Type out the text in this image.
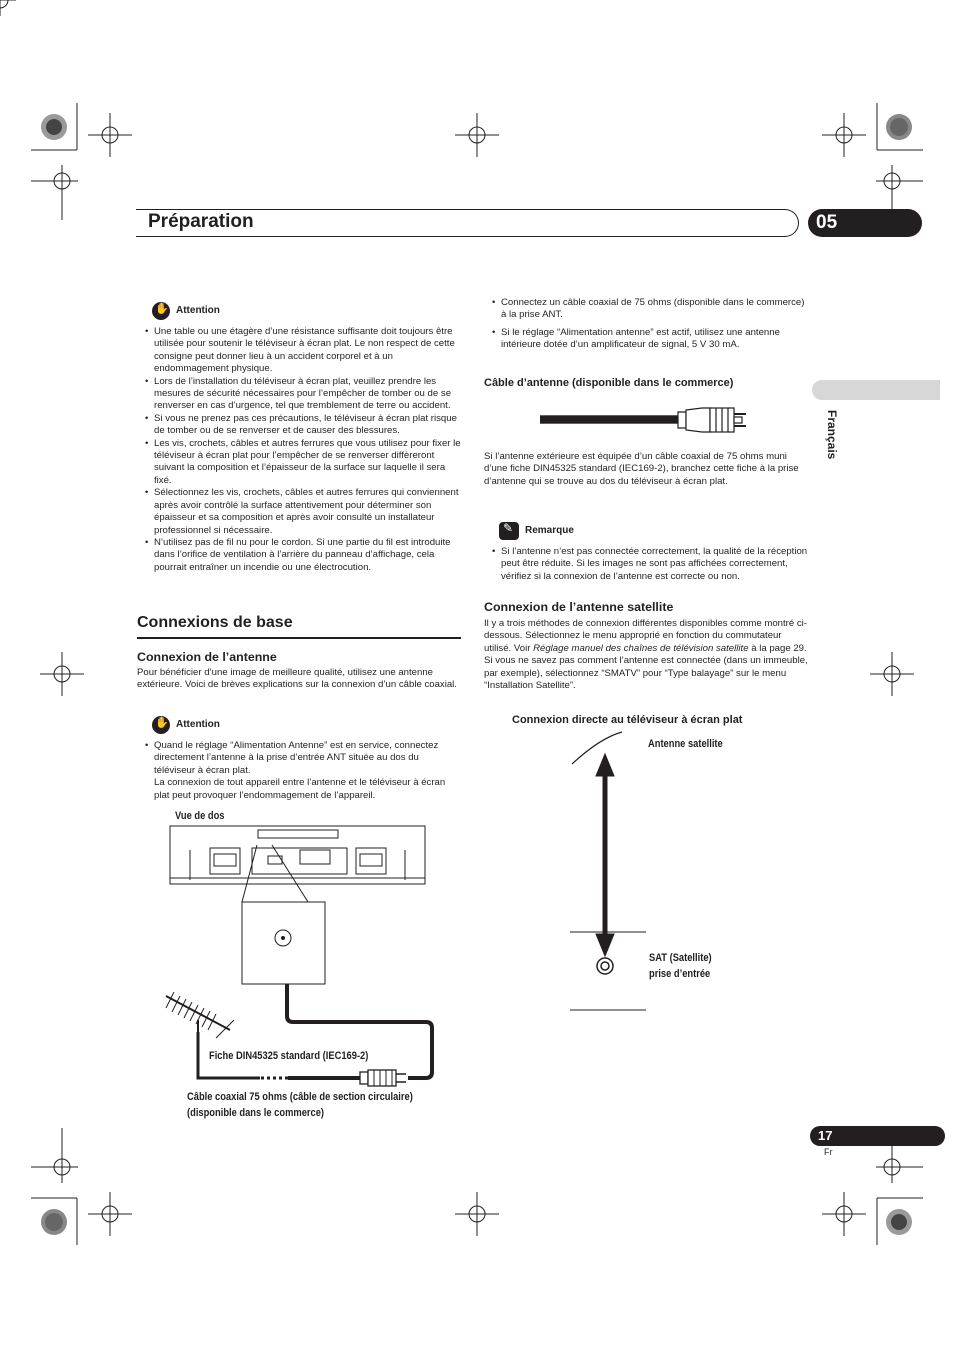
Préparation	05
Français
✋
Attention
• Une table ou une étagère d’une résistance suffisante doit toujours être utilisée pour soutenir le téléviseur à écran plat. Le non respect de cette consigne peut donner lieu à un accident corporel et à un endommagement physique.
• Lors de l’installation du téléviseur à écran plat, veuillez prendre les mesures de sécurité nécessaires pour l’empêcher de tomber ou de se renverser en cas d’urgence, tel que tremblement de terre ou accident.
• Si vous ne prenez pas ces précautions, le téléviseur à écran plat risque de tomber ou de se renverser et de causer des blessures.
• Les vis, crochets, câbles et autres ferrures que vous utilisez pour fixer le téléviseur à écran plat pour l’empêcher de se renverser diffèreront suivant la composition et l’épaisseur de la surface sur laquelle il sera fixé.
• Sélectionnez les vis, crochets, câbles et autres ferrures qui conviennent après avoir contrôlé la surface attentivement pour déterminer son épaisseur et sa composition et après avoir consulté un installateur professionnel si nécessaire.
• N’utilisez pas de fil nu pour le cordon. Si une partie du fil est introduite dans l’orifice de ventilation à l’arrière du panneau d’affichage, cela pourrait entraîner un incendie ou une électrocution.
Connexions de base
Connexion de l’antenne

Pour bénéficier d’une image de meilleure qualité, utilisez une antenne extérieure. Voici de brèves explications sur la connexion d’un câble coaxial.

✋
Attention
• Quand le réglage “Alimentation Antenne” est en service, connectez directement l’antenne à la prise d’entrée ANT située au dos du téléviseur à écran plat.
La connexion de tout appareil entre l’antenne et le téléviseur à écran plat peut provoquer l’endommagement de l’appareil.
Vue de dos
Fiche DIN45325 standard (IEC169-2)
Câble coaxial 75 ohms (câble de section circulaire)
(disponible dans le commerce)
• Connectez un câble coaxial de 75 ohms (disponible dans le commerce) à la prise ANT.
• Si le réglage “Alimentation antenne” est actif, utilisez une antenne intérieure dotée d’un amplificateur de signal, 5 V 30 mA.
Câble d’antenne (disponible dans le commerce)
Si l’antenne extérieure est équipée d’un câble coaxial de 75 ohms muni d’une fiche DIN45325 standard (IEC169-2), branchez cette fiche à la prise d’antenne qui se trouve au dos du téléviseur à écran plat.
✎
Remarque
• Si l’antenne n’est pas connectée correctement, la qualité de la réception peut être réduite. Si les images ne sont pas affichées correctement, vérifiez si la connexion de l’antenne est correcte ou non.
Connexion de l’antenne satellite

Il y a trois méthodes de connexion différentes disponibles comme montré ci-dessous. Sélectionnez le menu approprié en fonction du commutateur utilisé. Voir Réglage manuel des chaînes de télévision satellite à la page 29. Si vous ne savez pas comment l’antenne est connectée (dans un immeuble, par exemple), sélectionnez “SMATV” pour “Type balayage” sur le menu “Installation Satellite”.

Connexion directe au téléviseur à écran plat
Antenne satellite
SAT (Satellite)
prise d’entrée
17
Fr
